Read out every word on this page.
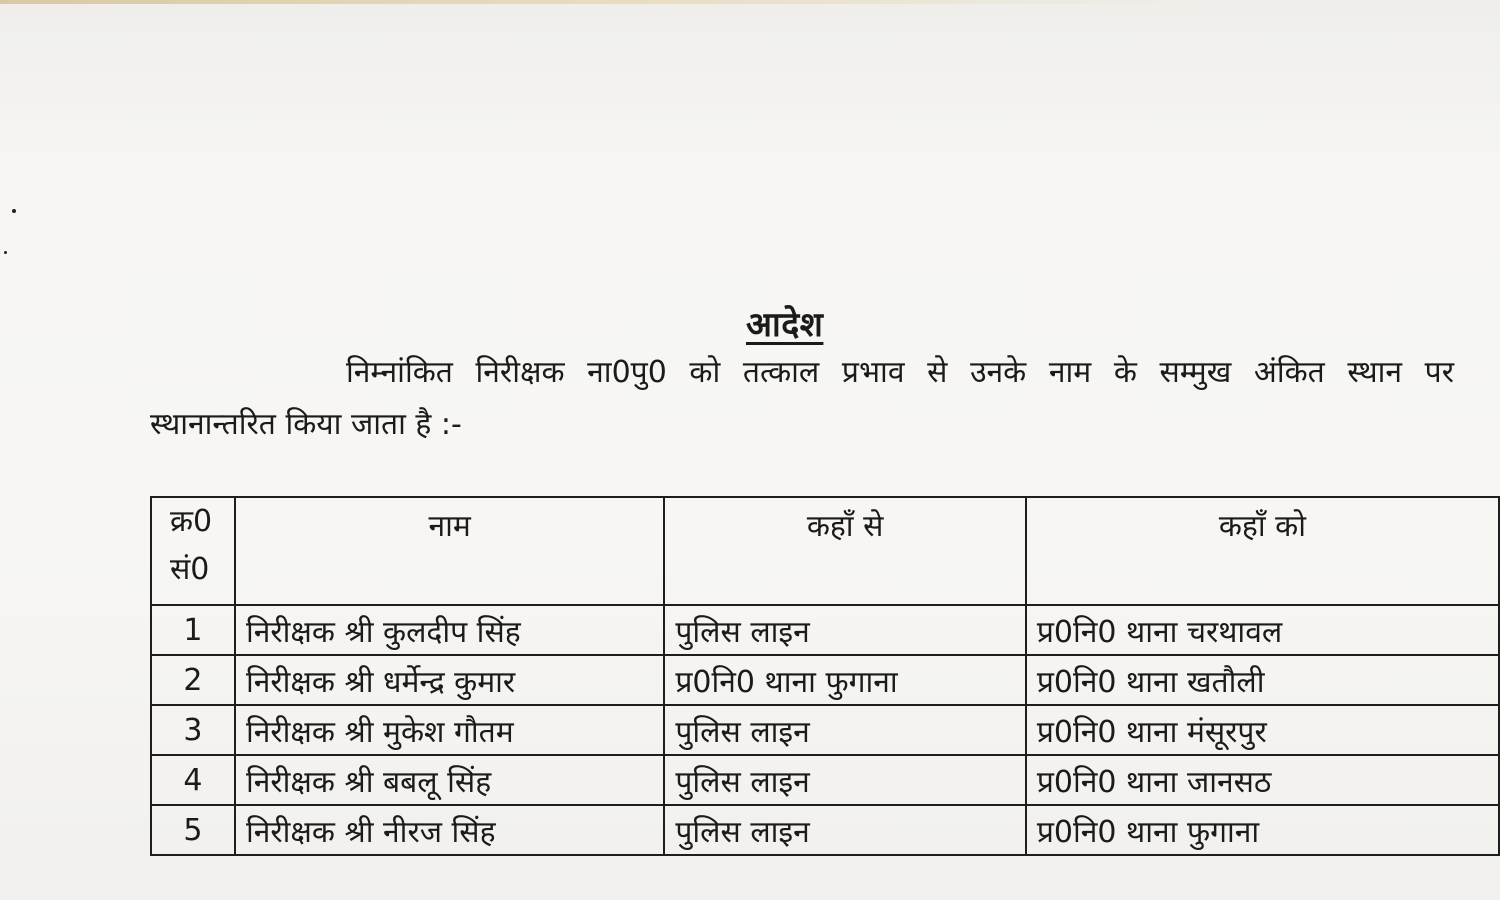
आदेश
निम्नांकित निरीक्षक ना0पु0 को तत्काल प्रभाव से उनके नाम के सम्मुख अंकित स्थान पर
स्थानान्तरित किया जाता है :-
क्र0
सं0	नाम	कहाँ से	कहाँ को
1	निरीक्षक श्री कुलदीप सिंह	पुलिस लाइन	प्र0नि0 थाना चरथावल
2	निरीक्षक श्री धर्मेन्द्र कुमार	प्र0नि0 थाना फुगाना	प्र0नि0 थाना खतौली
3	निरीक्षक श्री मुकेश गौतम	पुलिस लाइन	प्र0नि0 थाना मंसूरपुर
4	निरीक्षक श्री बबलू सिंह	पुलिस लाइन	प्र0नि0 थाना जानसठ
5	निरीक्षक श्री नीरज सिंह	पुलिस लाइन	प्र0नि0 थाना फुगाना
